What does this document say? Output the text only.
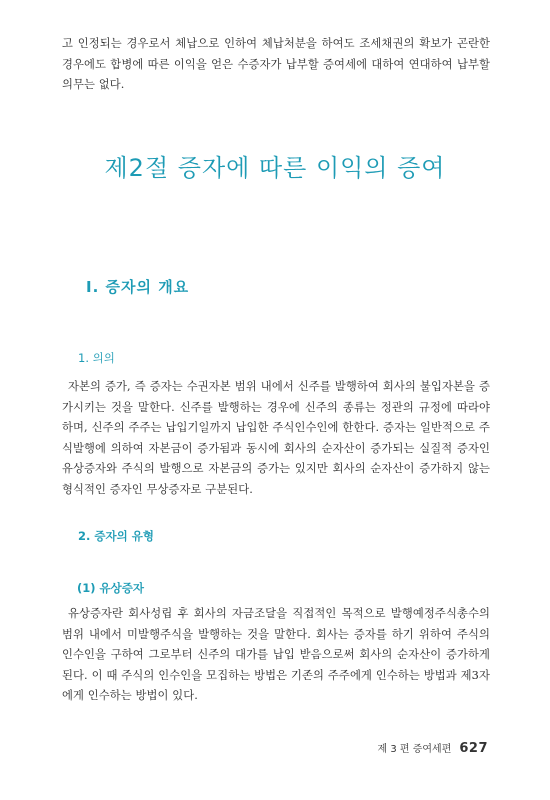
고 인정되는 경우로서 체납으로 인하여 체납처분을 하여도 조세채권의 확보가 곤란한 경우에도 합병에 따른 이익을 얻은 수증자가 납부할 증여세에 대하여 연대하여 납부할 의무는 없다.

제2절 증자에 따른 이익의 증여
Ⅰ. 증자의 개요
1. 의의

자본의 증가, 즉 증자는 수권자본 범위 내에서 신주를 발행하여 회사의 불입자본을 증가시키는 것을 말한다. 신주를 발행하는 경우에 신주의 종류는 정관의 규정에 따라야 하며, 신주의 주주는 납입기일까지 납입한 주식인수인에 한한다. 증자는 일반적으로 주식발행에 의하여 자본금이 증가됨과 동시에 회사의 순자산이 증가되는 실질적 증자인 유상증자와 주식의 발행으로 자본금의 증가는 있지만 회사의 순자산이 증가하지 않는 형식적인 증자인 무상증자로 구분된다.

2. 증자의 유형
(1) 유상증자

유상증자란 회사성립 후 회사의 자금조달을 직접적인 목적으로 발행예정주식총수의 범위 내에서 미발행주식을 발행하는 것을 말한다. 회사는 증자를 하기 위하여 주식의 인수인을 구하여 그로부터 신주의 대가를 납입 받음으로써 회사의 순자산이 증가하게 된다. 이 때 주식의 인수인을 모집하는 방법은 기존의 주주에게 인수하는 방법과 제3자에게 인수하는 방법이 있다.

제 3 편 증여세편 627
